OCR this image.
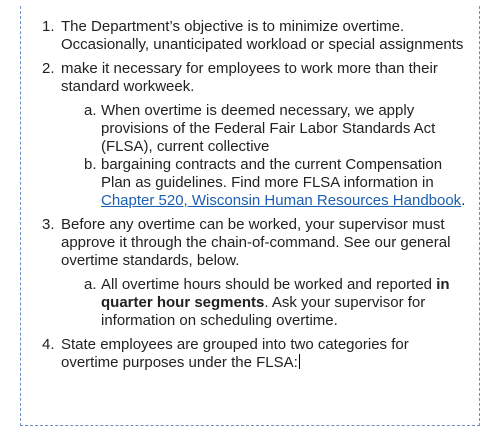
1. The Department’s objective is to minimize overtime. Occasionally, unanticipated workload or special assignments
2. make it necessary for employees to work more than their standard workweek.
a. When overtime is deemed necessary, we apply provisions of the Federal Fair Labor Standards Act (FLSA), current collective
b. bargaining contracts and the current Compensation Plan as guidelines. Find more FLSA information in Chapter 520, Wisconsin Human Resources Handbook.
3. Before any overtime can be worked, your supervisor must approve it through the chain-of-command. See our general overtime standards, below.
a. All overtime hours should be worked and reported in quarter hour segments. Ask your supervisor for information on scheduling overtime.
4. State employees are grouped into two categories for overtime purposes under the FLSA:
